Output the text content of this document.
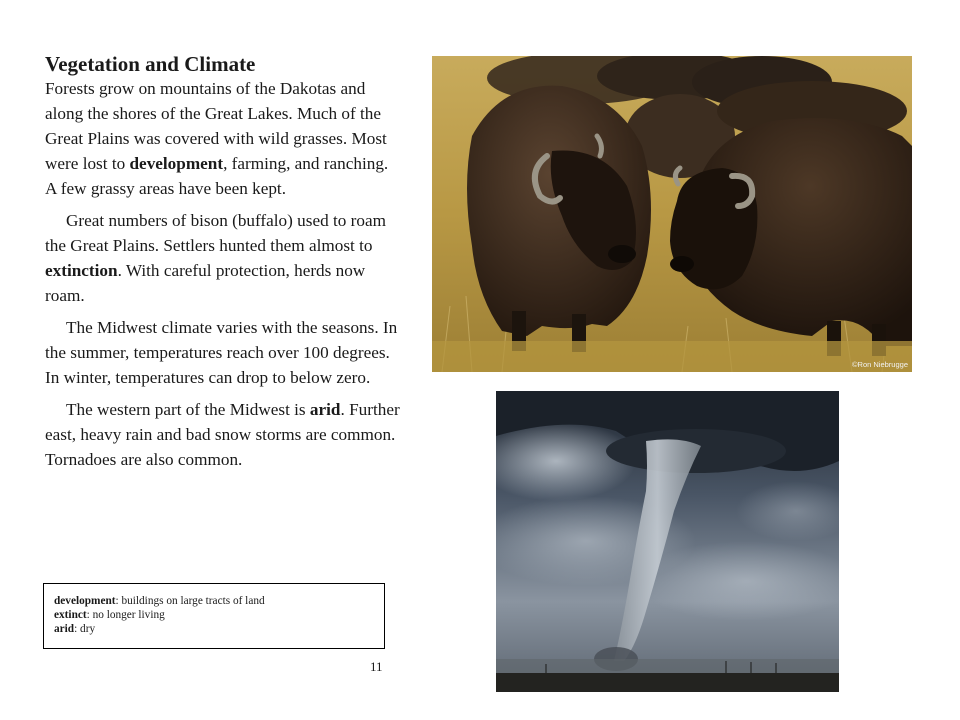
Vegetation and Climate

Forests grow on mountains of the Dakotas and along the shores of the Great Lakes. Much of the Great Plains was covered with wild grasses. Most were lost to development, farming, and ranching. A few grassy areas have been kept.

Great numbers of bison (buffalo) used to roam the Great Plains. Settlers hunted them almost to extinction. With careful protection, herds now roam.

The Midwest climate varies with the seasons. In the summer, temperatures reach over 100 degrees. In winter, temperatures can drop to below zero.

The western part of the Midwest is arid. Further east, heavy rain and bad snow storms are common. Tornadoes are also common.

development: buildings on large tracts of land
extinct: no longer living
arid: dry
11
©Ron Niebrugge
